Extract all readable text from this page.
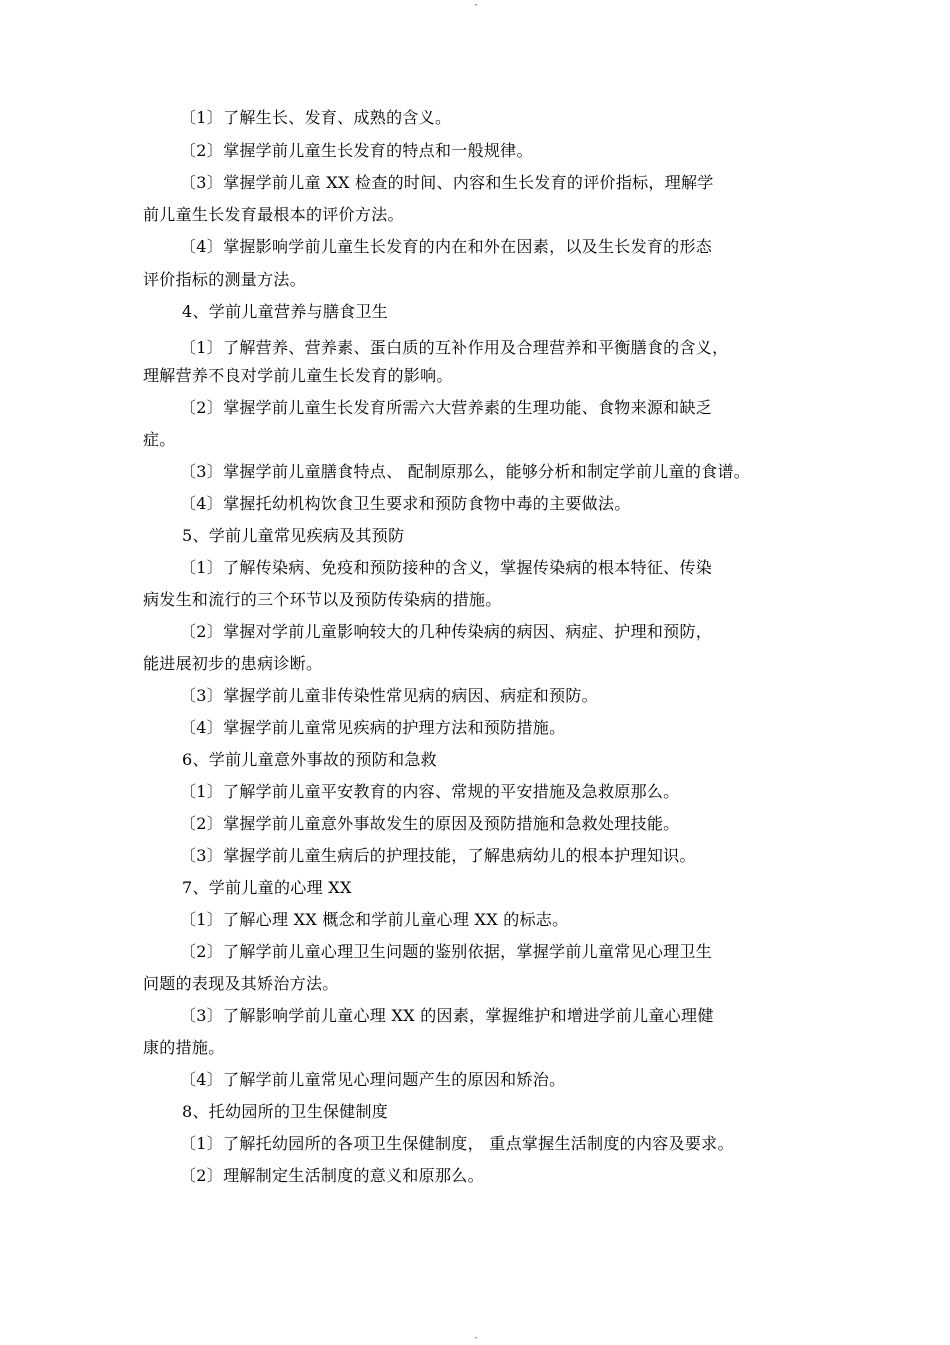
-

〔1〕了解生长、发育、成熟的含义。

〔2〕掌握学前儿童生长发育的特点和一般规律。

〔3〕掌握学前儿童 XX 检查的时间、内容和生长发育的评价指标，理解学

前儿童生长发育最根本的评价方法。

〔4〕掌握影响学前儿童生长发育的内在和外在因素，以及生长发育的形态

评价指标的测量方法。

4、学前儿童营养与膳食卫生

〔1〕了解营养、营养素、蛋白质的互补作用及合理营养和平衡膳食的含义，

理解营养不良对学前儿童生长发育的影响。

〔2〕掌握学前儿童生长发育所需六大营养素的生理功能、食物来源和缺乏

症。

〔3〕掌握学前儿童膳食特点、 配制原那么，能够分析和制定学前儿童的食谱。

〔4〕掌握托幼机构饮食卫生要求和预防食物中毒的主要做法。

5、学前儿童常见疾病及其预防

〔1〕了解传染病、免疫和预防接种的含义，掌握传染病的根本特征、传染

病发生和流行的三个环节以及预防传染病的措施。

〔2〕掌握对学前儿童影响较大的几种传染病的病因、病症、护理和预防，

能进展初步的患病诊断。

〔3〕掌握学前儿童非传染性常见病的病因、病症和预防。

〔4〕掌握学前儿童常见疾病的护理方法和预防措施。

6、学前儿童意外事故的预防和急救

〔1〕了解学前儿童平安教育的内容、常规的平安措施及急救原那么。

〔2〕掌握学前儿童意外事故发生的原因及预防措施和急救处理技能。

〔3〕掌握学前儿童生病后的护理技能，了解患病幼儿的根本护理知识。

7、学前儿童的心理 XX

〔1〕了解心理 XX 概念和学前儿童心理 XX 的标志。

〔2〕了解学前儿童心理卫生问题的鉴别依据，掌握学前儿童常见心理卫生

问题的表现及其矫治方法。

〔3〕了解影响学前儿童心理 XX 的因素，掌握维护和增进学前儿童心理健

康的措施。

〔4〕了解学前儿童常见心理问题产生的原因和矫治。

8、托幼园所的卫生保健制度

〔1〕了解托幼园所的各项卫生保健制度， 重点掌握生活制度的内容及要求。

〔2〕理解制定生活制度的意义和原那么。

-
